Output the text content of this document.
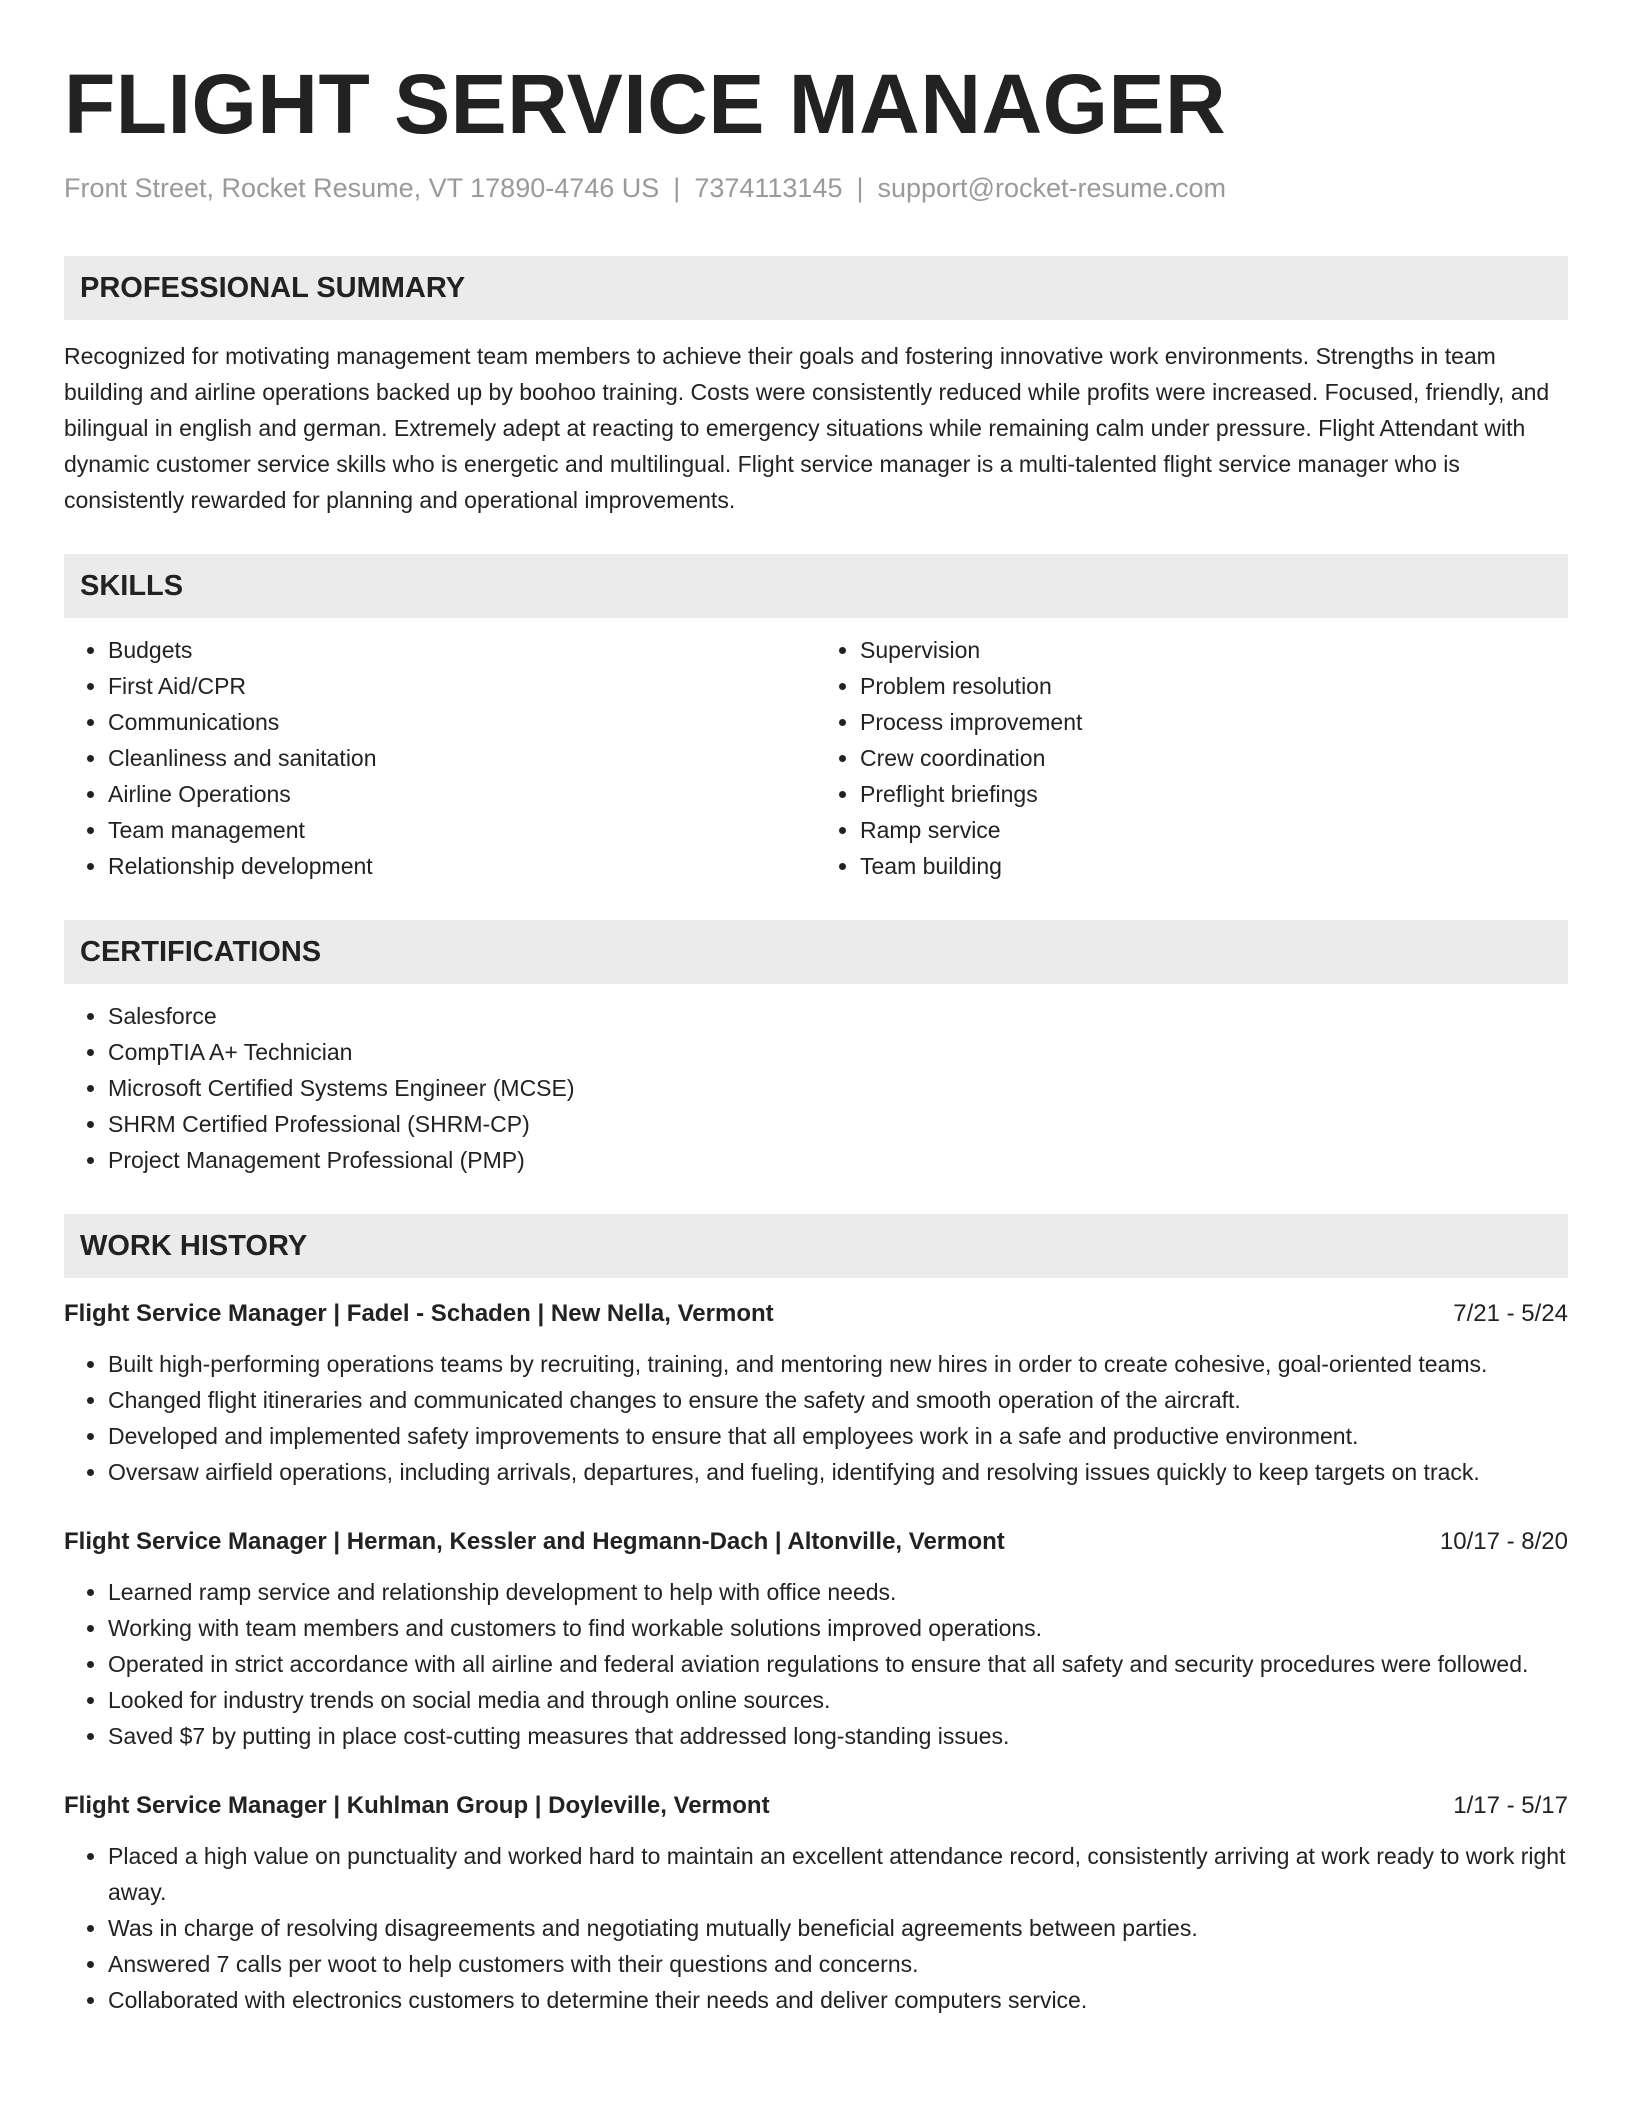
FLIGHT SERVICE MANAGER
Front Street, Rocket Resume, VT 17890-4746 US | 7374113145 | support@rocket-resume.com
PROFESSIONAL SUMMARY

Recognized for motivating management team members to achieve their goals and fostering innovative work environments. Strengths in team building and airline operations backed up by boohoo training. Costs were consistently reduced while profits were increased. Focused, friendly, and bilingual in english and german. Extremely adept at reacting to emergency situations while remaining calm under pressure. Flight Attendant with dynamic customer service skills who is energetic and multilingual. Flight service manager is a multi-talented flight service manager who is consistently rewarded for planning and operational improvements.

SKILLS
• Budgets
• First Aid/CPR
• Communications
• Cleanliness and sanitation
• Airline Operations
• Team management
• Relationship development
• Supervision
• Problem resolution
• Process improvement
• Crew coordination
• Preflight briefings
• Ramp service
• Team building
CERTIFICATIONS
• Salesforce
• CompTIA A+ Technician
• Microsoft Certified Systems Engineer (MCSE)
• SHRM Certified Professional (SHRM-CP)
• Project Management Professional (PMP)
WORK HISTORY
Flight Service Manager | Fadel - Schaden | New Nella, Vermont	7/21 - 5/24
• Built high-performing operations teams by recruiting, training, and mentoring new hires in order to create cohesive, goal-oriented teams.
• Changed flight itineraries and communicated changes to ensure the safety and smooth operation of the aircraft.
• Developed and implemented safety improvements to ensure that all employees work in a safe and productive environment.
• Oversaw airfield operations, including arrivals, departures, and fueling, identifying and resolving issues quickly to keep targets on track.
Flight Service Manager | Herman, Kessler and Hegmann-Dach | Altonville, Vermont	10/17 - 8/20
• Learned ramp service and relationship development to help with office needs.
• Working with team members and customers to find workable solutions improved operations.
• Operated in strict accordance with all airline and federal aviation regulations to ensure that all safety and security procedures were followed.
• Looked for industry trends on social media and through online sources.
• Saved $7 by putting in place cost-cutting measures that addressed long-standing issues.
Flight Service Manager | Kuhlman Group | Doyleville, Vermont	1/17 - 5/17
• Placed a high value on punctuality and worked hard to maintain an excellent attendance record, consistently arriving at work ready to work right away.
• Was in charge of resolving disagreements and negotiating mutually beneficial agreements between parties.
• Answered 7 calls per woot to help customers with their questions and concerns.
• Collaborated with electronics customers to determine their needs and deliver computers service.
